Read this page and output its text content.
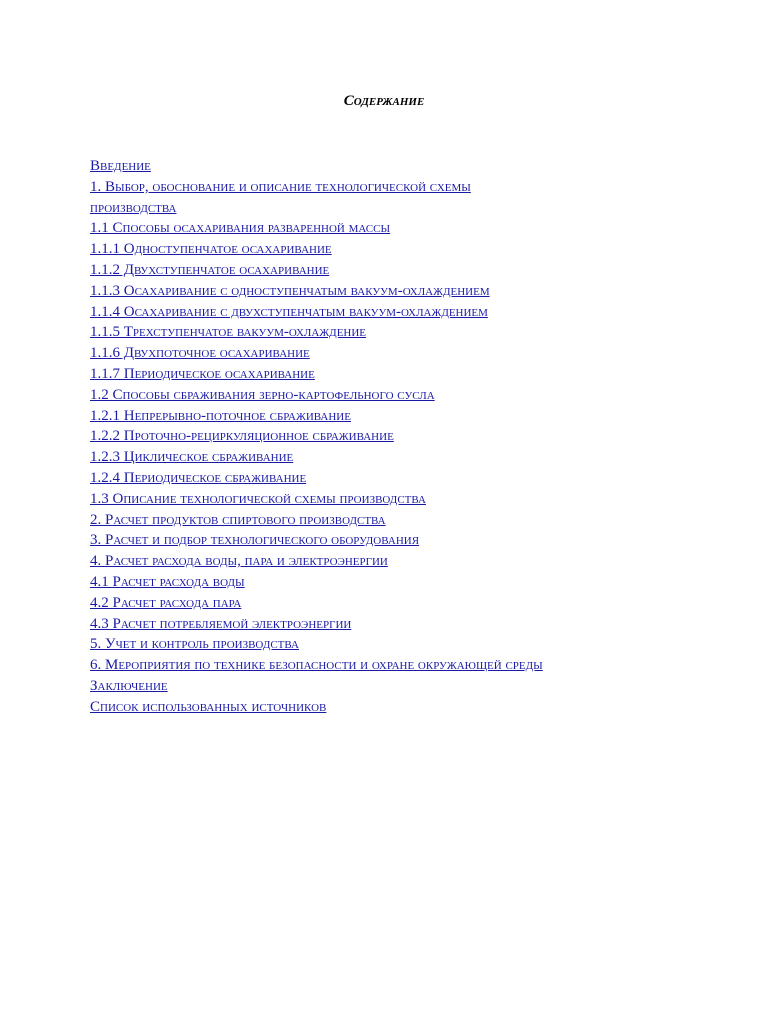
Содержание
Введение
1. Выбор, обоснование и описание технологической схемы
производства
1.1 Способы осахаривания разваренной массы
1.1.1 Одноступенчатое осахаривание
1.1.2 Двухступенчатое осахаривание
1.1.3 Осахаривание с одноступенчатым вакуум-охлаждением
1.1.4 Осахаривание с двухступенчатым вакуум-охлаждением
1.1.5 Трехступенчатое вакуум-охлаждение
1.1.6 Двухпоточное осахаривание
1.1.7 Периодическое осахаривание
1.2 Способы сбраживания зерно-картофельного сусла
1.2.1 Непрерывно-поточное сбраживание
1.2.2 Проточно-рециркуляционное сбраживание
1.2.3 Циклическое сбраживание
1.2.4 Периодическое сбраживание
1.3 Описание технологической схемы производства
2. Расчет продуктов спиртового производства
3. Расчет и подбор технологического оборудования
4. Расчет расхода воды, пара и электроэнергии
4.1 Расчет расхода воды
4.2 Расчет расхода пара
4.3 Расчет потребляемой электроэнергии
5. Учет и контроль производства
6. Мероприятия по технике безопасности и охране окружающей среды
Заключение
Список использованных источников
